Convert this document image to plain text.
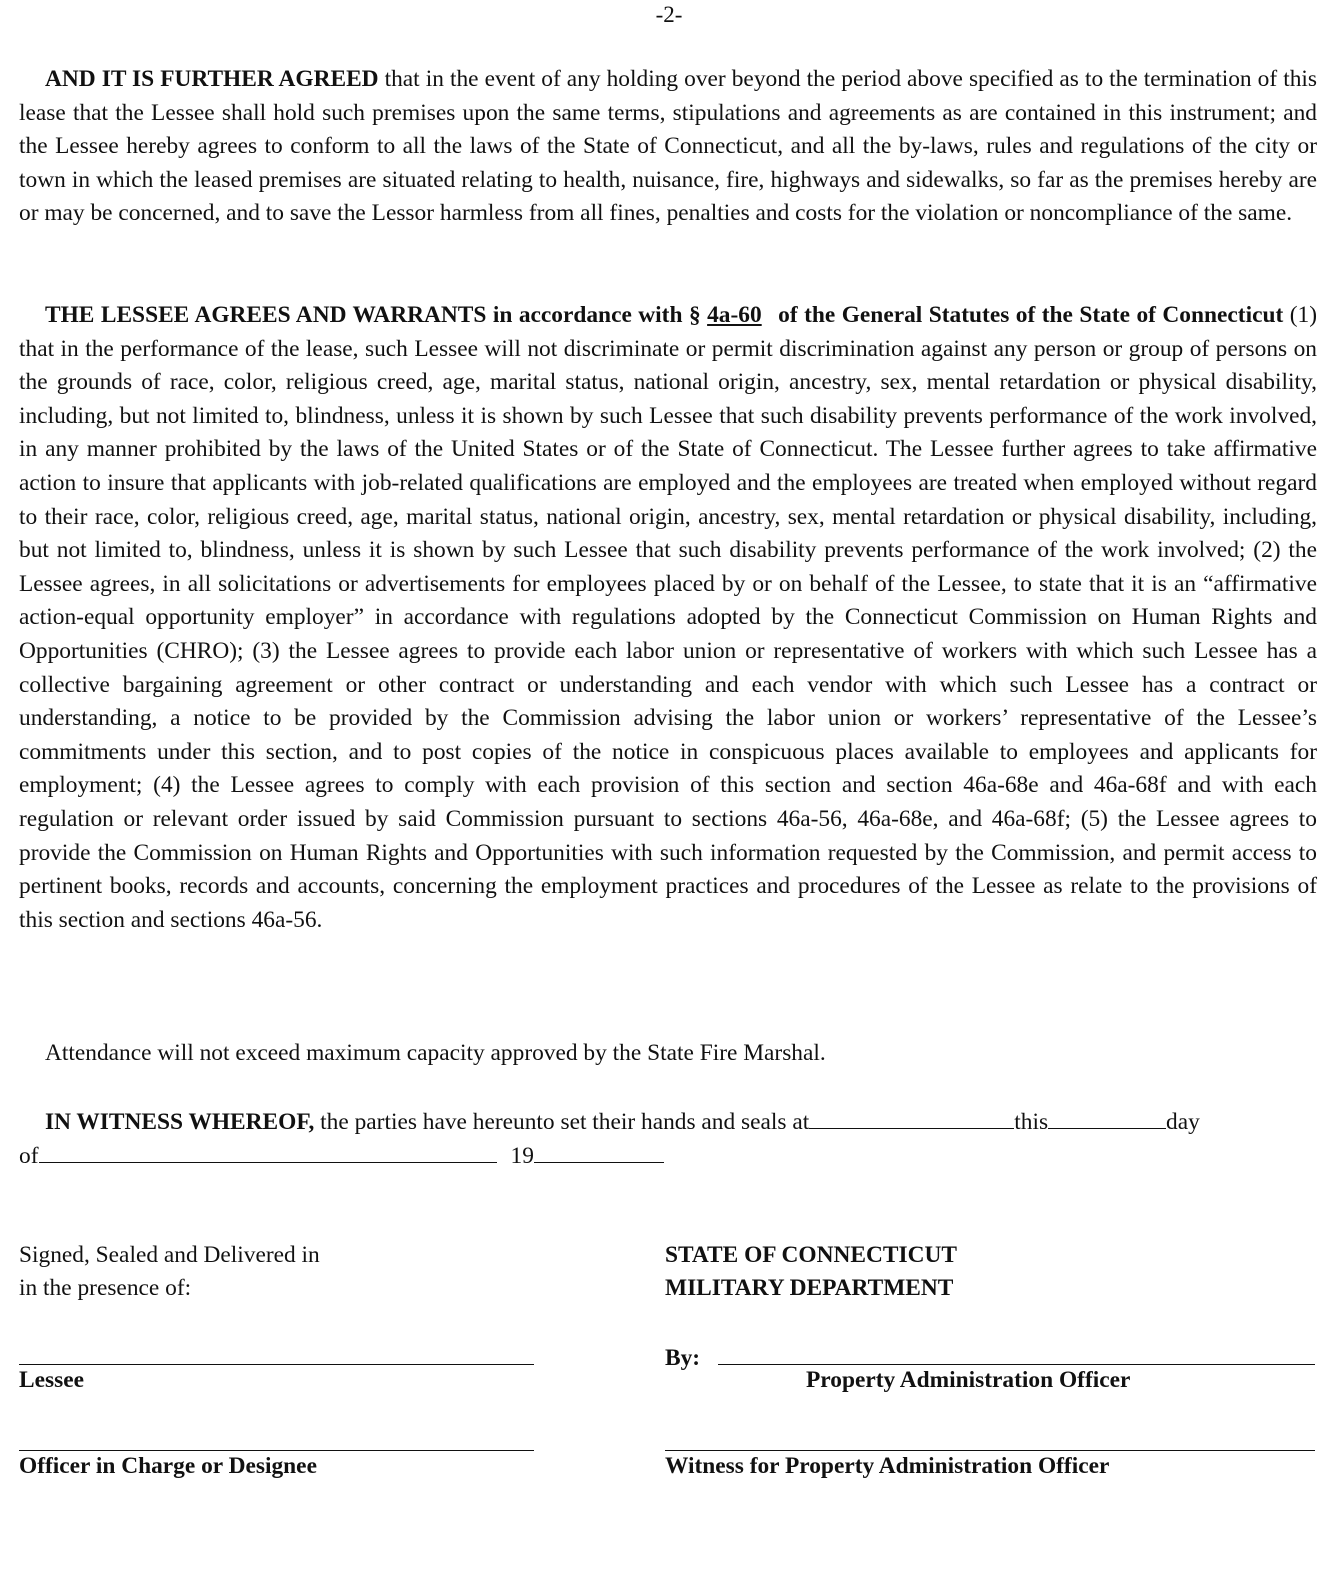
-2-

AND IT IS FURTHER AGREED that in the event of any holding over beyond the period above specified as to the termination of this lease that the Lessee shall hold such premises upon the same terms, stipulations and agreements as are contained in this instrument; and the Lessee hereby agrees to conform to all the laws of the State of Connecticut, and all the by-laws, rules and regulations of the city or town in which the leased premises are situated relating to health, nuisance, fire, highways and sidewalks, so far as the premises hereby are or may be concerned, and to save the Lessor harmless from all fines, penalties and costs for the violation or noncompliance of the same.

THE LESSEE AGREES AND WARRANTS in accordance with § 4a-60 of the General Statutes of the State of Connecticut (1) that in the performance of the lease, such Lessee will not discriminate or permit discrimination against any person or group of persons on the grounds of race, color, religious creed, age, marital status, national origin, ancestry, sex, mental retardation or physical disability, including, but not limited to, blindness, unless it is shown by such Lessee that such disability prevents performance of the work involved, in any manner prohibited by the laws of the United States or of the State of Connecticut. The Lessee further agrees to take affirmative action to insure that applicants with job-related qualifications are employed and the employees are treated when employed without regard to their race, color, religious creed, age, marital status, national origin, ancestry, sex, mental retardation or physical disability, including, but not limited to, blindness, unless it is shown by such Lessee that such disability prevents performance of the work involved; (2) the Lessee agrees, in all solicitations or advertisements for employees placed by or on behalf of the Lessee, to state that it is an “affirmative action-equal opportunity employer” in accordance with regulations adopted by the Connecticut Commission on Human Rights and Opportunities (CHRO); (3) the Lessee agrees to provide each labor union or representative of workers with which such Lessee has a collective bargaining agreement or other contract or understanding and each vendor with which such Lessee has a contract or understanding, a notice to be provided by the Commission advising the labor union or workers’ representative of the Lessee’s commitments under this section, and to post copies of the notice in conspicuous places available to employees and applicants for employment; (4) the Lessee agrees to comply with each provision of this section and section 46a-68e and 46a-68f and with each regulation or relevant order issued by said Commission pursuant to sections 46a-56, 46a-68e, and 46a-68f; (5) the Lessee agrees to provide the Commission on Human Rights and Opportunities with such information requested by the Commission, and permit access to pertinent books, records and accounts, concerning the employment practices and procedures of the Lessee as relate to the provisions of this section and sections 46a-56.

Attendance will not exceed maximum capacity approved by the State Fire Marshal.

IN WITNESS WHEREOF, the parties have hereunto set their hands and seals at	this	day
of	19
Signed, Sealed and Delivered in
in the presence of:
STATE OF CONNECTICUT
MILITARY DEPARTMENT
Lessee
By:
Property Administration Officer
Officer in Charge or Designee	Witness for Property Administration Officer
